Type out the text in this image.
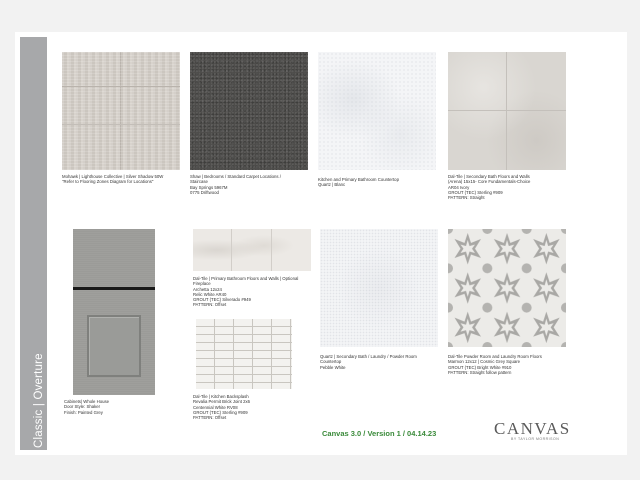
Classic | Overture
Mohawk | Lighthouse Collective | Silver Shadow 50W
"Refer to Flooring Zones Diagram for Locations"
Shaw | Bedrooms / Standard Carpet Locations /
Staircase
Bay Springs 5967M
0775 Driftwood
Kitchen and Primary Bathroom Countertop
Quartz | Blanc
Dal-Tile | Secondary Bath Floors and Walls
(Arena) 15x15- Core Fundamentals-Choice
AR04 Ivory
GROUT (TEC) Sterling #909
PATTERN: Straight
Cabinets| Whole House
Door Style: Shaker
Finish: Painted Grey
Dal-Tile | Primary Bathroom Floors and Walls | Optional
Fireplace
Archetta 12x24
Relic White AR40
GROUT (TEC) Silverado #949
PATTERN: Offset
Dal-Tile | Kitchen Backsplash
Revalia Permit Brick Joint 2x6
Centennial White RV08
GROUT (TEC) Sterling #909
PATTERN: Offset
Quartz | Secondary Bath / Laundry / Powder Room
Countertop
Pebble White
Dal-Tile Powder Room and Laundry Room Floors
Marmon 12x12 | Cosmic Grey Square
GROUT (TEC) Bright White #910
PATTERN: Straight follow pattern
Canvas 3.0 / Version 1 / 04.14.23	CANVAS
BY TAYLOR MORRISON
